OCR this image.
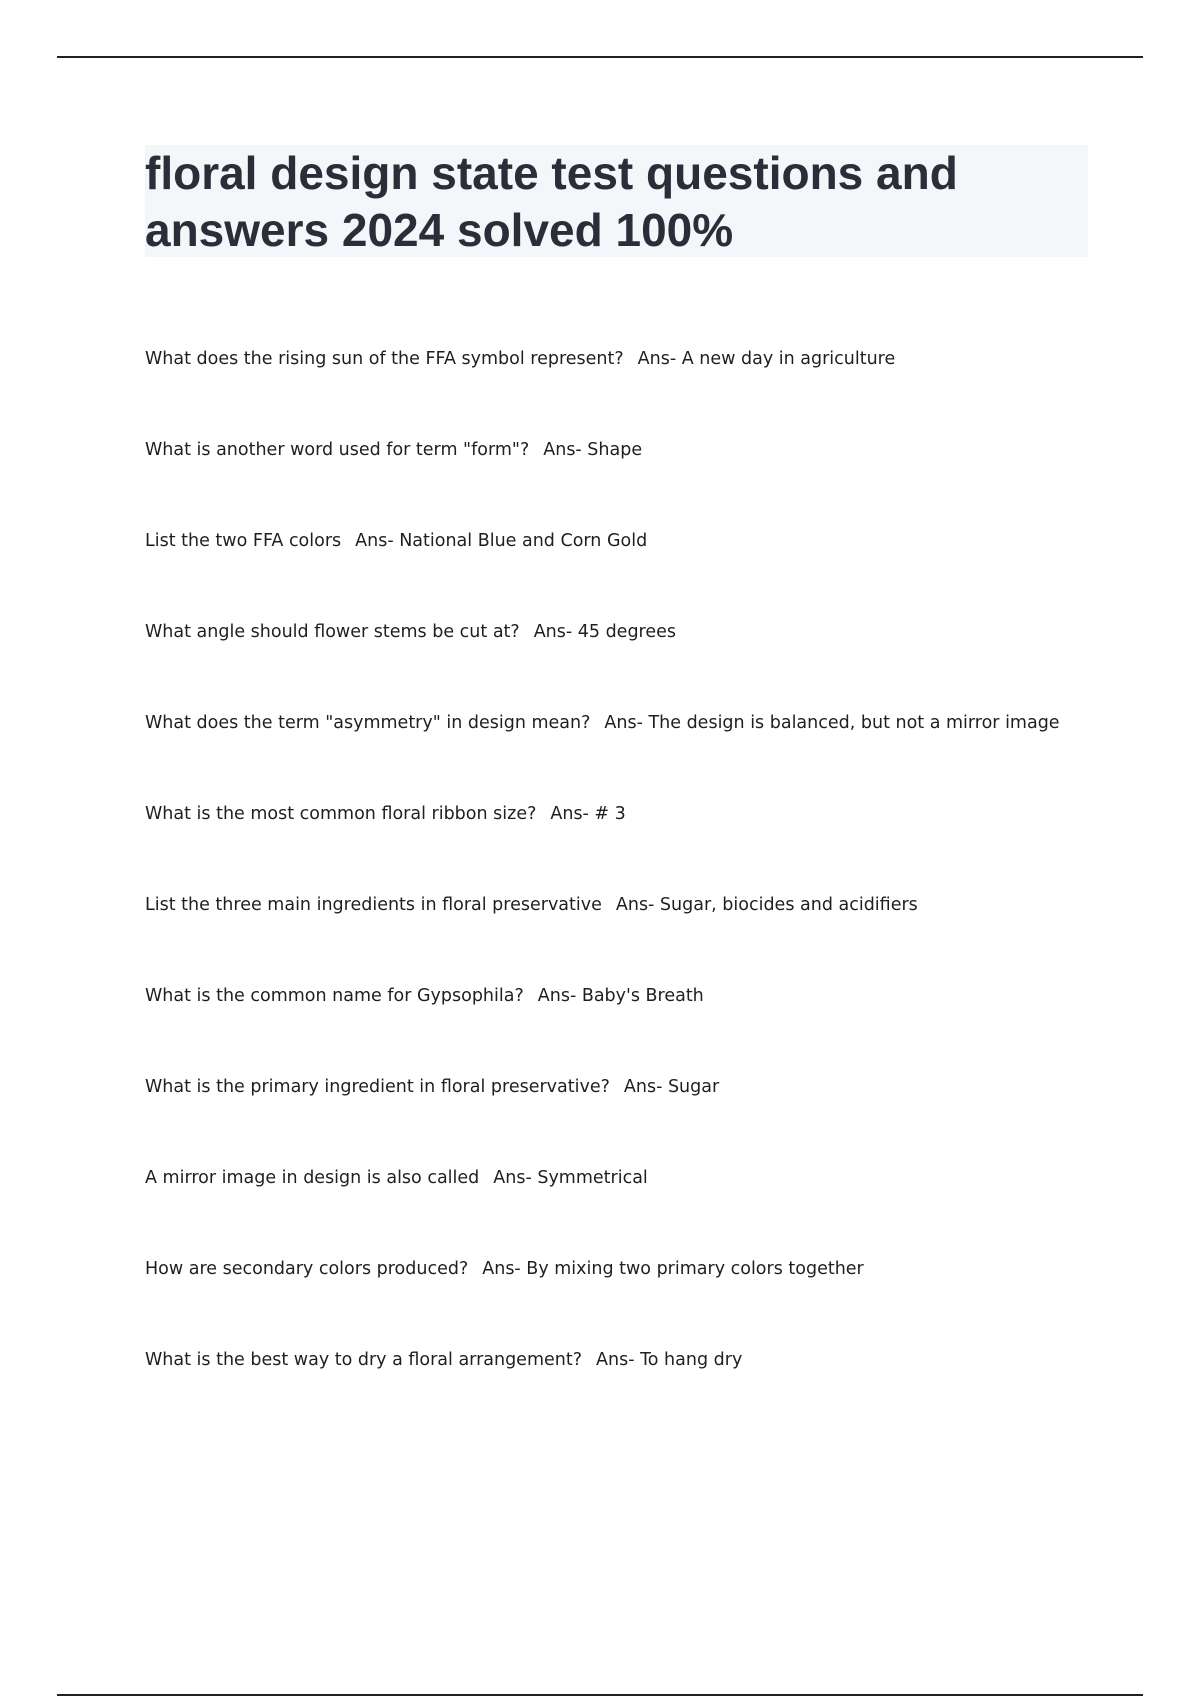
floral design state test questions and answers 2024 solved 100%
What does the rising sun of the FFA symbol represent? Ans- A new day in agriculture
What is another word used for term "form"? Ans- Shape
List the two FFA colors Ans- National Blue and Corn Gold
What angle should flower stems be cut at? Ans- 45 degrees
What does the term "asymmetry" in design mean? Ans- The design is balanced, but not a mirror image
What is the most common floral ribbon size? Ans- # 3
List the three main ingredients in floral preservative Ans- Sugar, biocides and acidifiers
What is the common name for Gypsophila? Ans- Baby's Breath
What is the primary ingredient in floral preservative? Ans- Sugar
A mirror image in design is also called Ans- Symmetrical
How are secondary colors produced? Ans- By mixing two primary colors together
What is the best way to dry a floral arrangement? Ans- To hang dry
